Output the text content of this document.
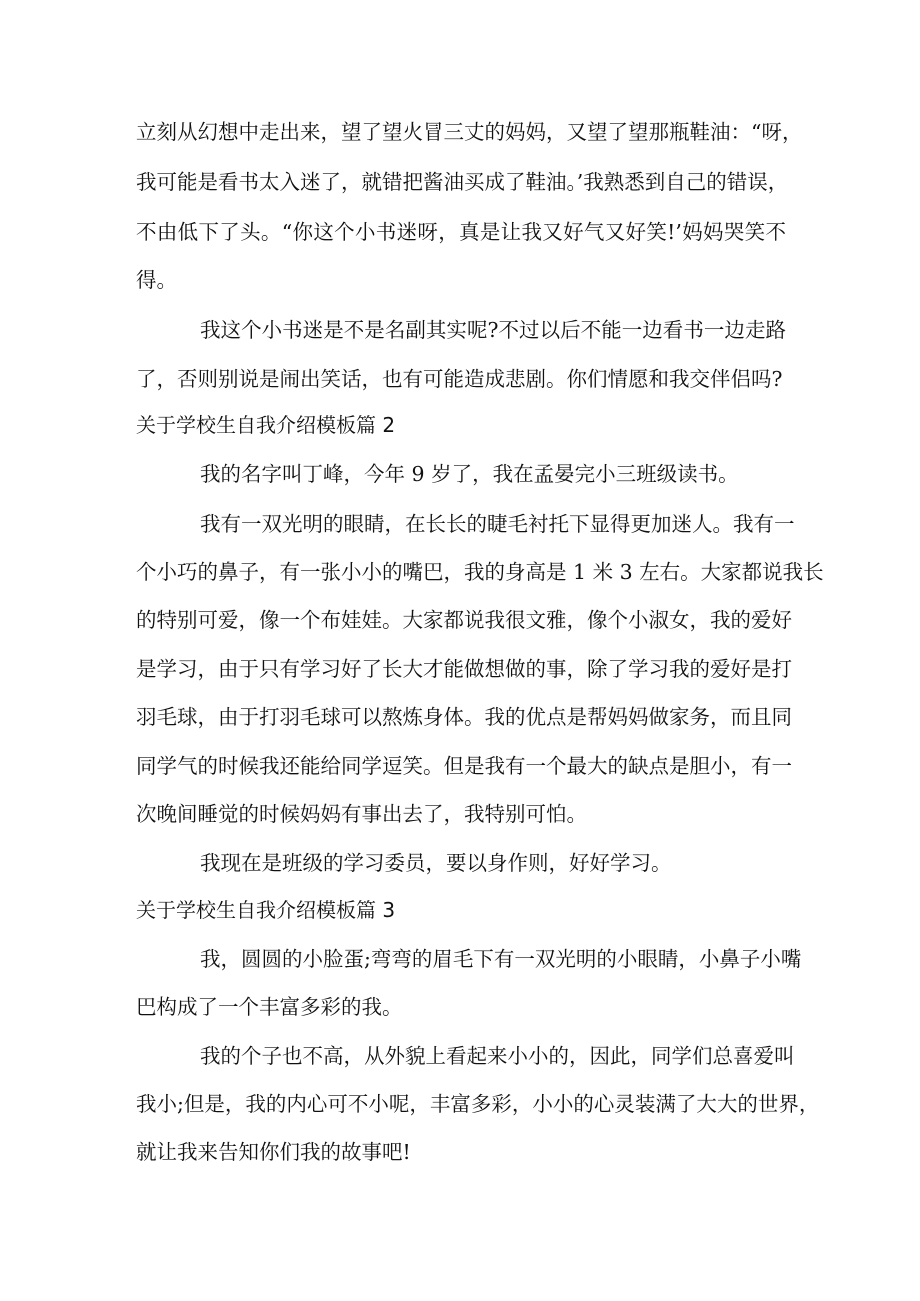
立刻从幻想中走出来，望了望火冒三丈的妈妈，又望了望那瓶鞋油：“呀，
我可能是看书太入迷了，就错把酱油买成了鞋油。’我熟悉到自己的错误，
不由低下了头。“你这个小书迷呀，真是让我又好气又好笑!’妈妈哭笑不
得。
我这个小书迷是不是名副其实呢?不过以后不能一边看书一边走路
了，否则别说是闹出笑话，也有可能造成悲剧。你们情愿和我交伴侣吗?
关于学校生自我介绍模板篇 2
我的名字叫丁峰，今年 9 岁了，我在孟晏完小三班级读书。
我有一双光明的眼睛，在长长的睫毛衬托下显得更加迷人。我有一
个小巧的鼻子，有一张小小的嘴巴，我的身高是 1 米 3 左右。大家都说我长
的特别可爱，像一个布娃娃。大家都说我很文雅，像个小淑女，我的爱好
是学习，由于只有学习好了长大才能做想做的事，除了学习我的爱好是打
羽毛球，由于打羽毛球可以熬炼身体。我的优点是帮妈妈做家务，而且同
同学气的时候我还能给同学逗笑。但是我有一个最大的缺点是胆小，有一
次晚间睡觉的时候妈妈有事出去了，我特别可怕。
我现在是班级的学习委员，要以身作则，好好学习。
关于学校生自我介绍模板篇 3
我，圆圆的小脸蛋;弯弯的眉毛下有一双光明的小眼睛，小鼻子小嘴
巴构成了一个丰富多彩的我。
我的个子也不高，从外貌上看起来小小的，因此，同学们总喜爱叫
我小;但是，我的内心可不小呢，丰富多彩，小小的心灵装满了大大的世界，
就让我来告知你们我的故事吧!
